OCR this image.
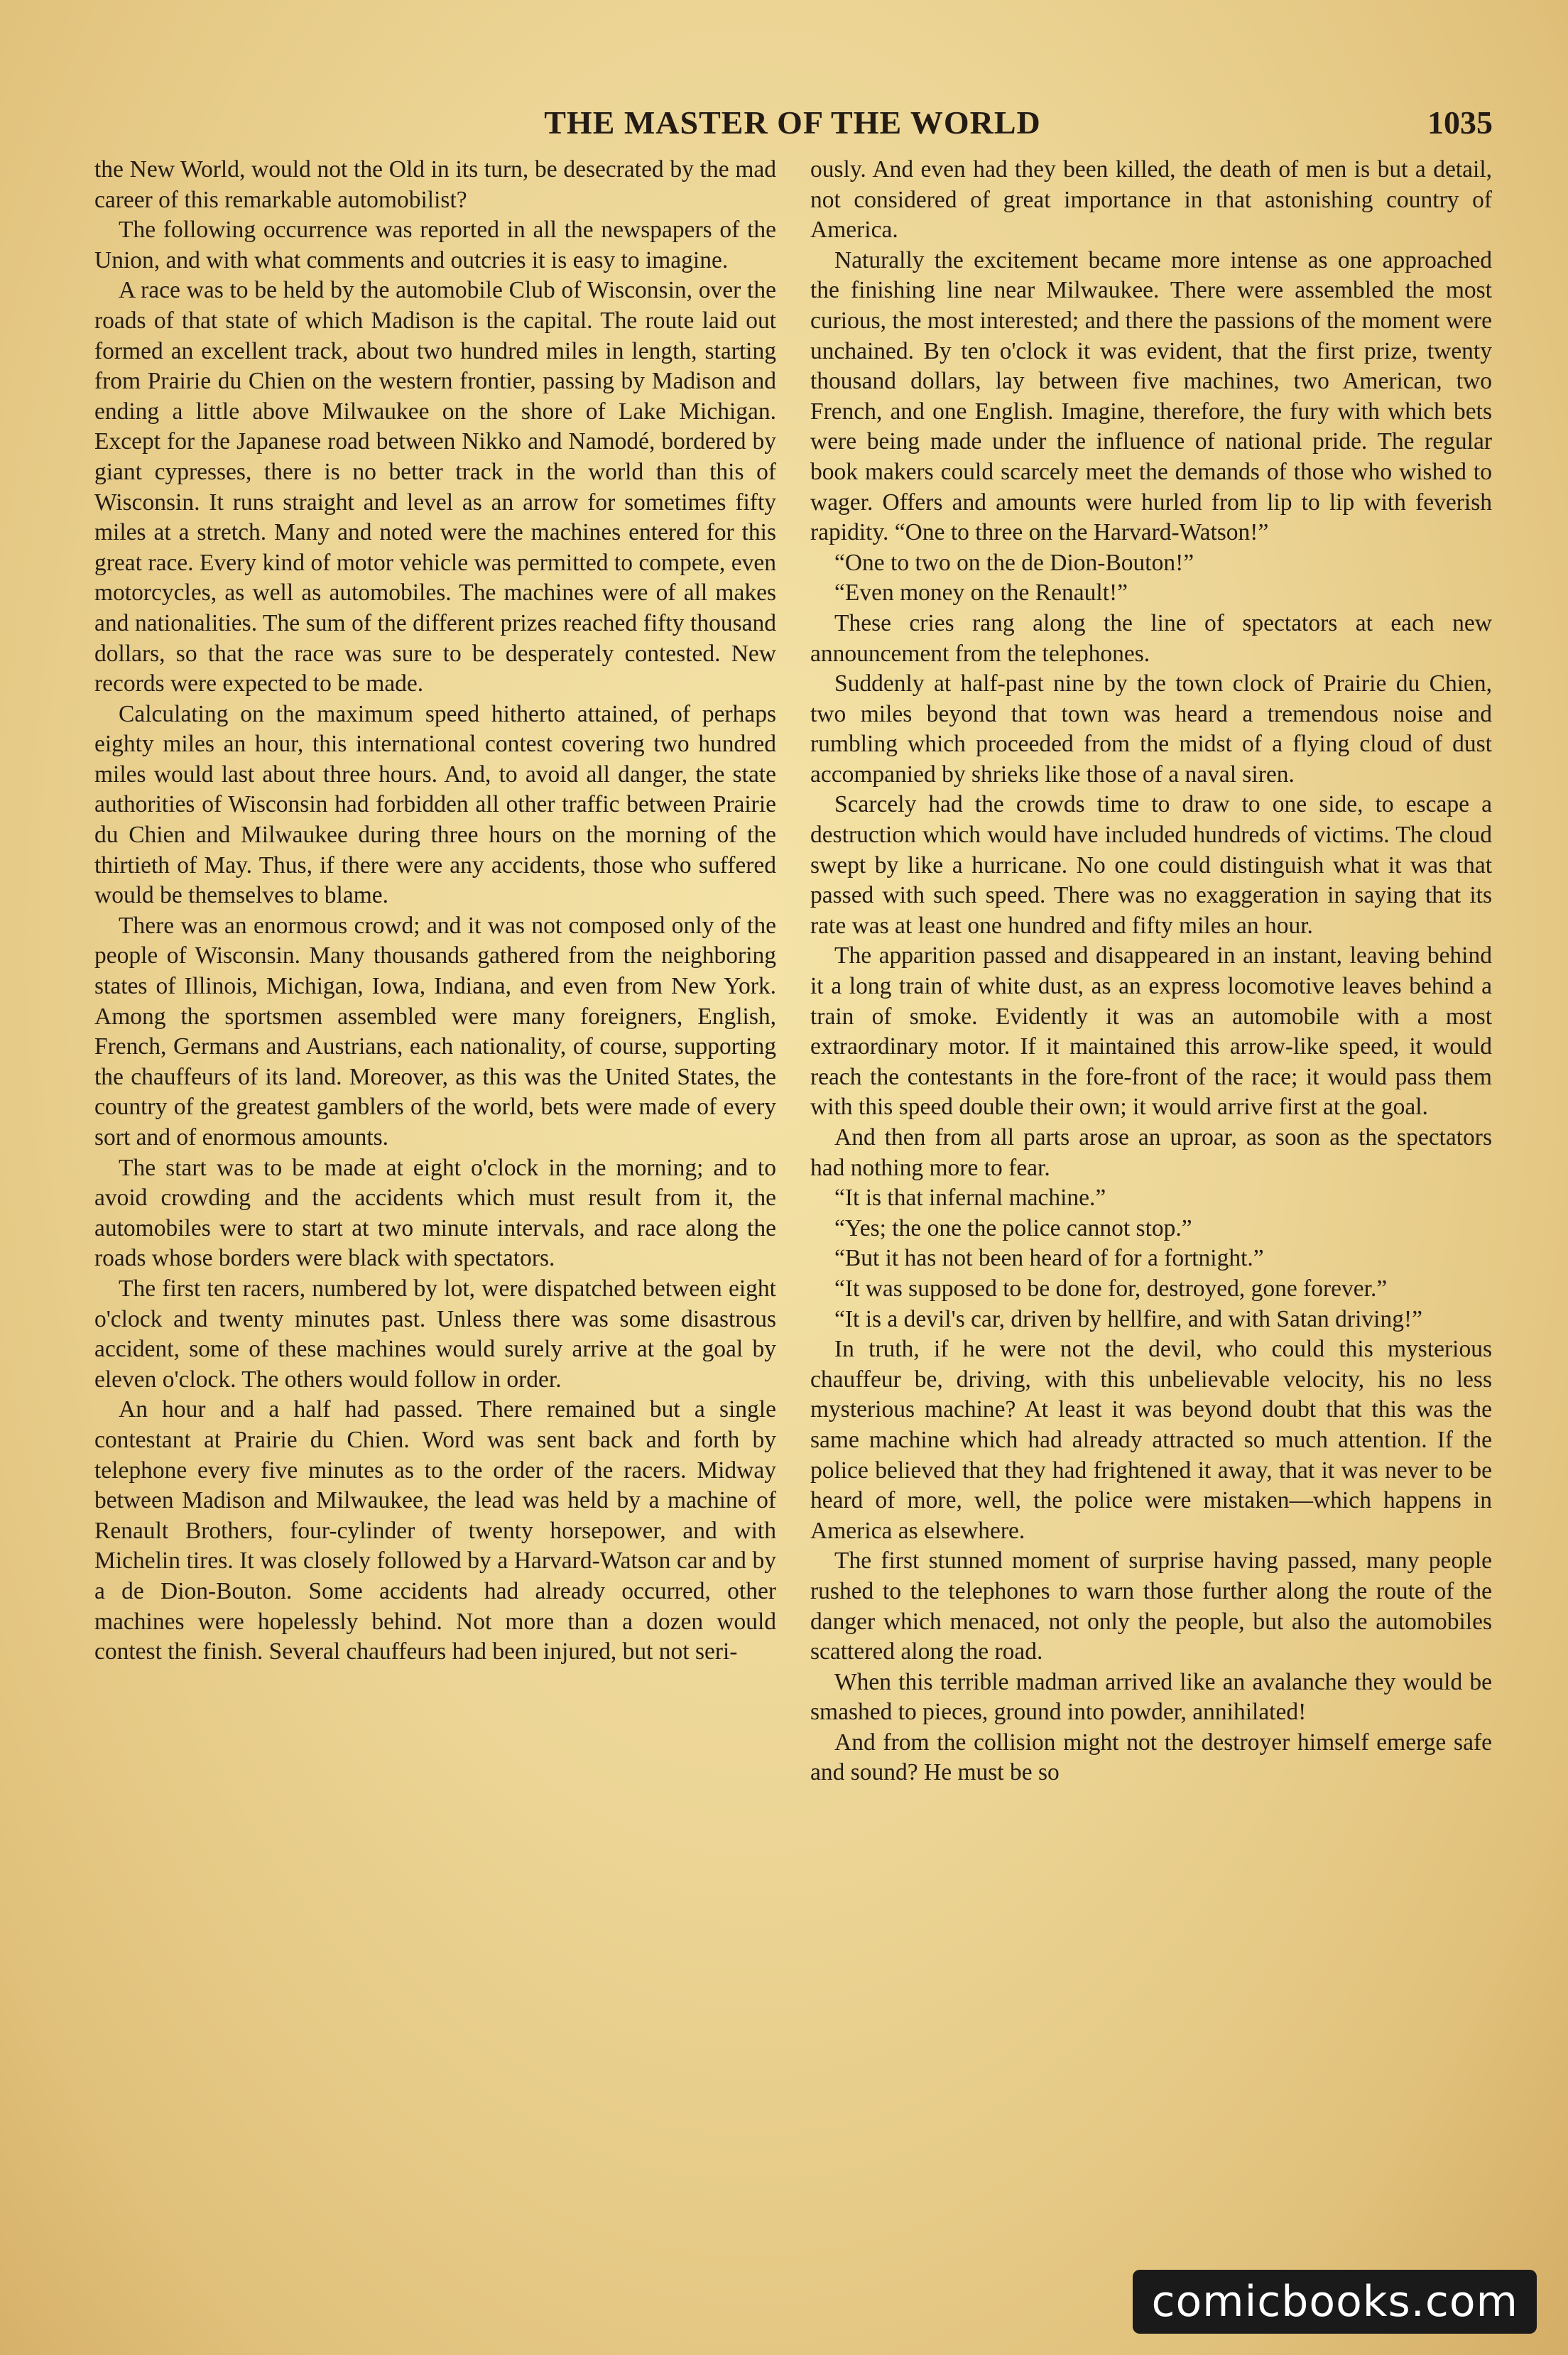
THE MASTER OF THE WORLD	1035

the New World, would not the Old in its turn, be desecrated by the mad career of this remarkable automobilist?

The following occurrence was reported in all the newspapers of the Union, and with what comments and outcries it is easy to imagine.

A race was to be held by the automobile Club of Wisconsin, over the roads of that state of which Madison is the capital. The route laid out formed an excellent track, about two hundred miles in length, starting from Prairie du Chien on the western frontier, passing by Madison and ending a little above Milwaukee on the shore of Lake Michigan. Except for the Japanese road between Nikko and Namodé, bordered by giant cypresses, there is no better track in the world than this of Wisconsin. It runs straight and level as an arrow for sometimes fifty miles at a stretch. Many and noted were the machines entered for this great race. Every kind of motor vehicle was permitted to compete, even motorcycles, as well as automobiles. The machines were of all makes and nationalities. The sum of the different prizes reached fifty thousand dollars, so that the race was sure to be desperately contested. New records were expected to be made.

Calculating on the maximum speed hitherto attained, of perhaps eighty miles an hour, this international contest covering two hundred miles would last about three hours. And, to avoid all danger, the state authorities of Wisconsin had forbidden all other traffic between Prairie du Chien and Milwaukee during three hours on the morning of the thirtieth of May. Thus, if there were any accidents, those who suffered would be themselves to blame.

There was an enormous crowd; and it was not composed only of the people of Wisconsin. Many thousands gathered from the neighboring states of Illinois, Michigan, Iowa, Indiana, and even from New York. Among the sportsmen assembled were many foreigners, English, French, Germans and Austrians, each nationality, of course, supporting the chauffeurs of its land. Moreover, as this was the United States, the country of the greatest gamblers of the world, bets were made of every sort and of enormous amounts.

The start was to be made at eight o'clock in the morning; and to avoid crowding and the accidents which must result from it, the automobiles were to start at two minute intervals, and race along the roads whose borders were black with spectators.

The first ten racers, numbered by lot, were dispatched between eight o'clock and twenty minutes past. Unless there was some disastrous accident, some of these machines would surely arrive at the goal by eleven o'clock. The others would follow in order.

An hour and a half had passed. There remained but a single contestant at Prairie du Chien. Word was sent back and forth by telephone every five minutes as to the order of the racers. Midway between Madison and Milwaukee, the lead was held by a machine of Renault Brothers, four-cylinder of twenty horsepower, and with Michelin tires. It was closely followed by a Harvard-Watson car and by a de Dion-Bouton. Some accidents had already occurred, other machines were hopelessly behind. Not more than a dozen would contest the finish. Several chauffeurs had been injured, but not seri-

ously. And even had they been killed, the death of men is but a detail, not considered of great importance in that astonishing country of America.

Naturally the excitement became more intense as one approached the finishing line near Milwaukee. There were assembled the most curious, the most interested; and there the passions of the moment were unchained. By ten o'clock it was evident, that the first prize, twenty thousand dollars, lay between five machines, two American, two French, and one English. Imagine, therefore, the fury with which bets were being made under the influence of national pride. The regular book makers could scarcely meet the demands of those who wished to wager. Offers and amounts were hurled from lip to lip with feverish rapidity. “One to three on the Harvard-Watson!”

“One to two on the de Dion-Bouton!”

“Even money on the Renault!”

These cries rang along the line of spectators at each new announcement from the telephones.

Suddenly at half-past nine by the town clock of Prairie du Chien, two miles beyond that town was heard a tremendous noise and rumbling which proceeded from the midst of a flying cloud of dust accompanied by shrieks like those of a naval siren.

Scarcely had the crowds time to draw to one side, to escape a destruction which would have included hundreds of victims. The cloud swept by like a hurricane. No one could distinguish what it was that passed with such speed. There was no exaggeration in saying that its rate was at least one hundred and fifty miles an hour.

The apparition passed and disappeared in an instant, leaving behind it a long train of white dust, as an express locomotive leaves behind a train of smoke. Evidently it was an automobile with a most extraordinary motor. If it maintained this arrow-like speed, it would reach the contestants in the fore-front of the race; it would pass them with this speed double their own; it would arrive first at the goal.

And then from all parts arose an uproar, as soon as the spectators had nothing more to fear.

“It is that infernal machine.”

“Yes; the one the police cannot stop.”

“But it has not been heard of for a fortnight.”

“It was supposed to be done for, destroyed, gone forever.”

“It is a devil's car, driven by hellfire, and with Satan driving!”

In truth, if he were not the devil, who could this mysterious chauffeur be, driving, with this unbelievable velocity, his no less mysterious machine? At least it was beyond doubt that this was the same machine which had already attracted so much attention. If the police believed that they had frightened it away, that it was never to be heard of more, well, the police were mistaken—which happens in America as elsewhere.

The first stunned moment of surprise having passed, many people rushed to the telephones to warn those further along the route of the danger which menaced, not only the people, but also the automobiles scattered along the road.

When this terrible madman arrived like an avalanche they would be smashed to pieces, ground into powder, annihilated!

And from the collision might not the destroyer himself emerge safe and sound? He must be so

comicbooks.com
